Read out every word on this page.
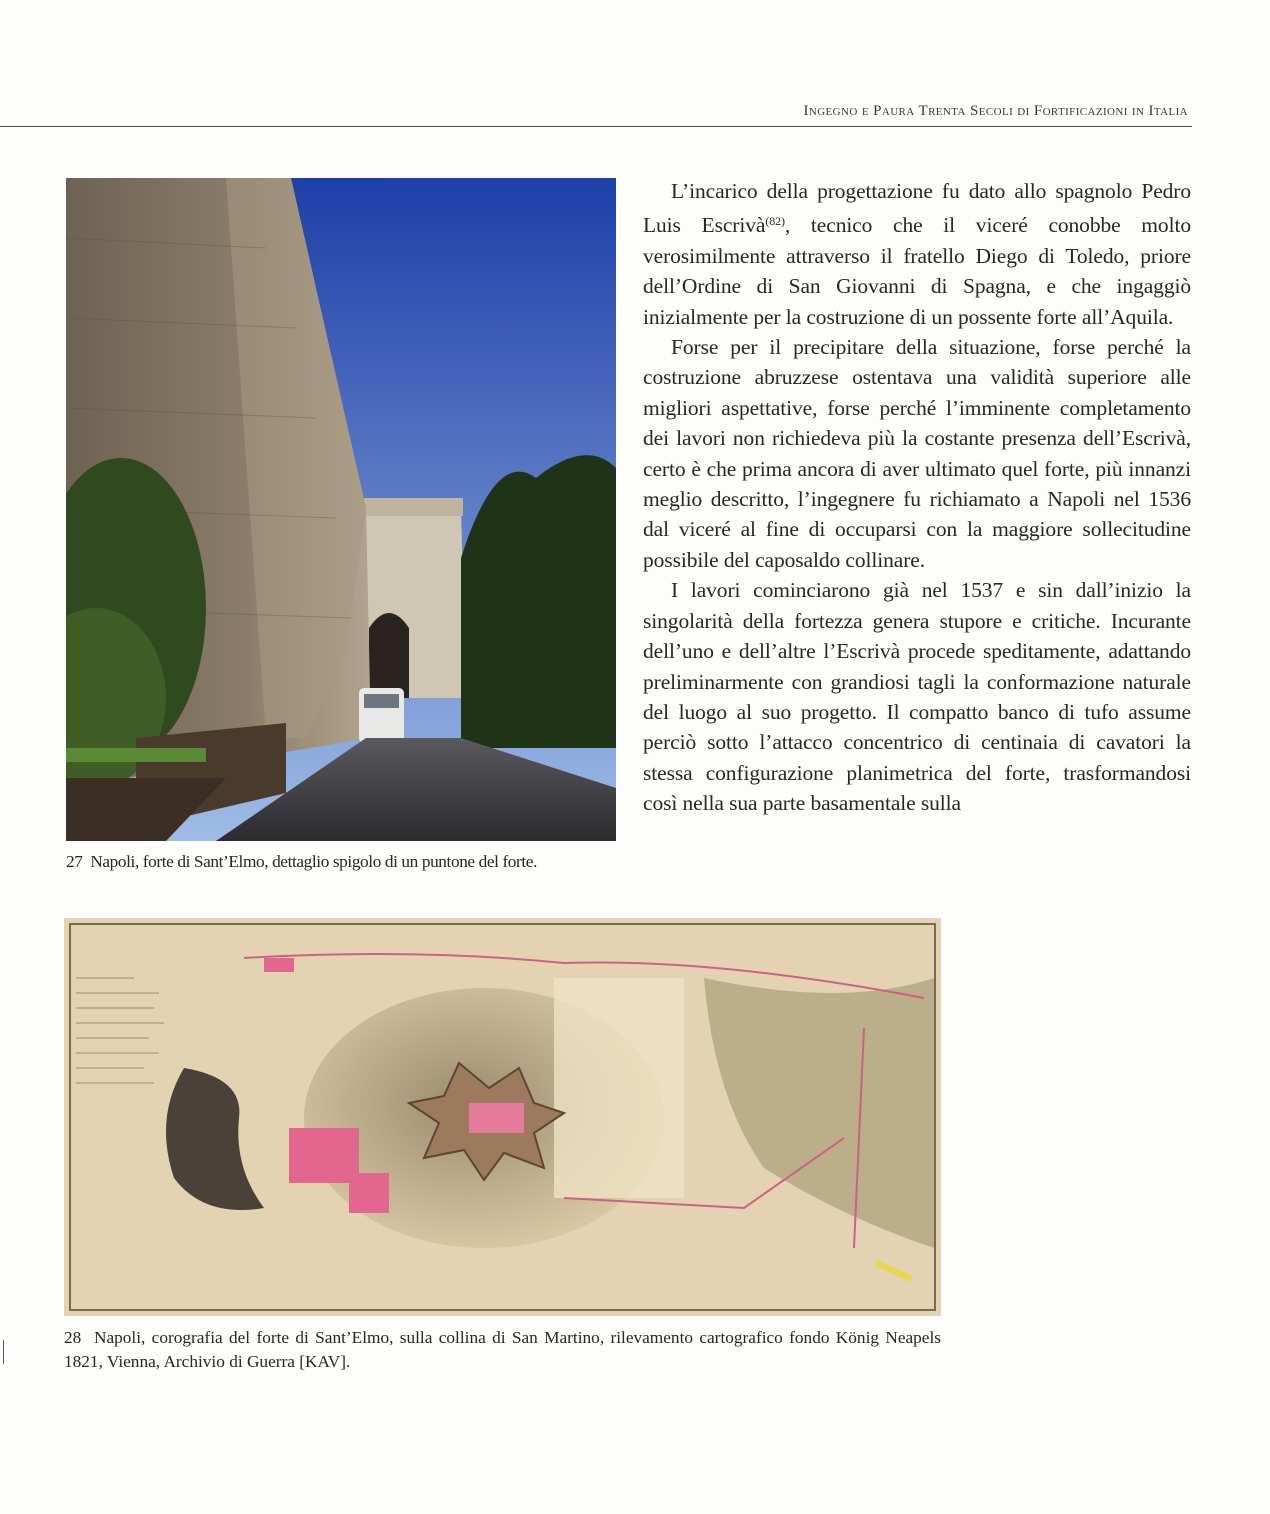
Ingegno e Paura Trenta Secoli di Fortificazioni in Italia
27 Napoli, forte di Sant’Elmo, dettaglio spigolo di un puntone del forte.

L’incarico della progettazione fu dato allo spagnolo Pedro Luis Escrivà$^{(82)}$, tecnico che il viceré conobbe molto verosimilmente attraverso il fratello Diego di Toledo, priore dell’Ordine di San Giovanni di Spagna, e che ingaggiò inizialmente per la costruzione di un possente forte all’Aquila.

Forse per il precipitare della situazione, forse perché la costruzione abruzzese ostentava una validità superiore alle migliori aspettative, forse perché l’imminente completamento dei lavori non richiedeva più la costante presenza dell’Escrivà, certo è che prima ancora di aver ultimato quel forte, più innanzi meglio descritto, l’ingegnere fu richiamato a Napoli nel 1536 dal viceré al fine di occuparsi con la maggiore sollecitudine possibile del caposaldo collinare.

I lavori cominciarono già nel 1537 e sin dall’inizio la singolarità della fortezza genera stupore e critiche. Incurante dell’uno e dell’altre l’Escrivà procede speditamente, adattando preliminarmente con grandiosi tagli la conformazione naturale del luogo al suo progetto. Il compatto banco di tufo assume perciò sotto l’attacco concentrico di centinaia di cavatori la stessa configurazione planimetrica del forte, trasformandosi così nella sua parte basamentale sulla

28 Napoli, corografia del forte di Sant’Elmo, sulla collina di San Martino, rilevamento cartografico fondo König Neapels 1821, Vienna, Archivio di Guerra [KAV].
